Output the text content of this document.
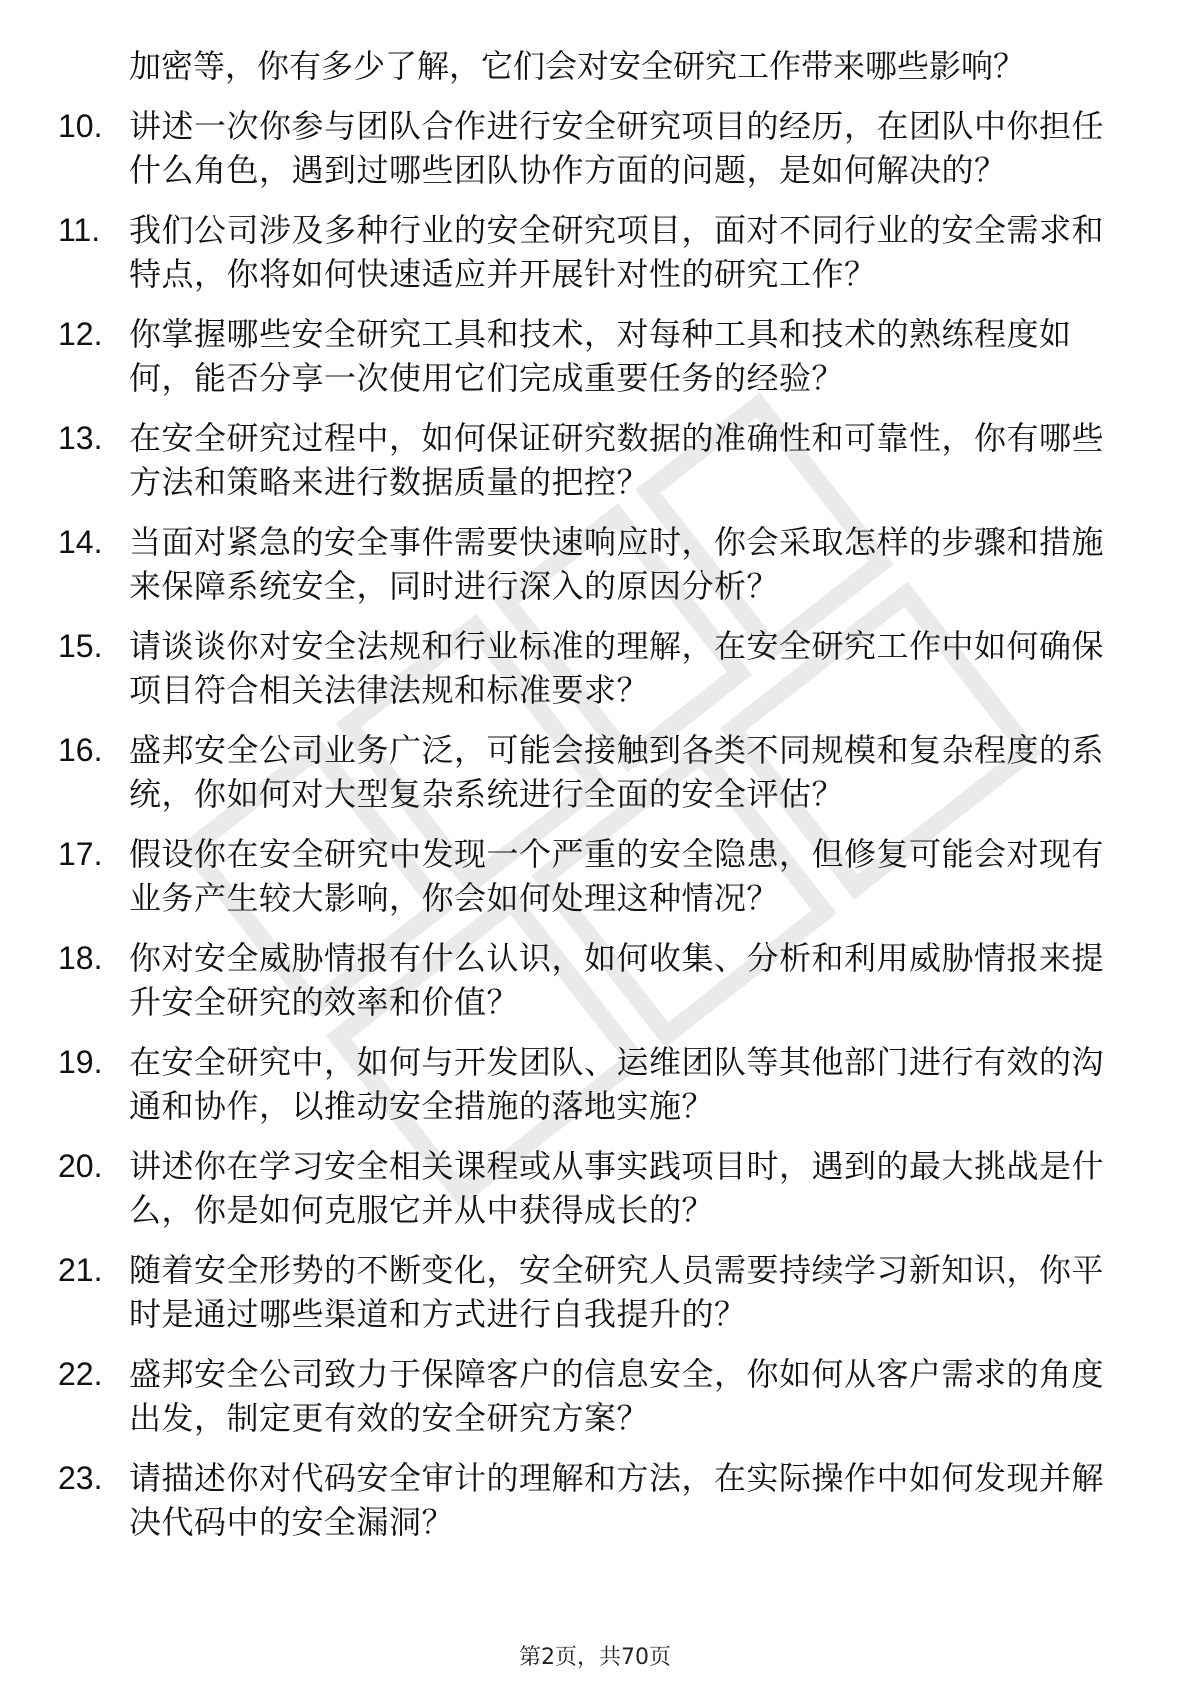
加密等，你有多少了解，它们会对安全研究工作带来哪些影响？
10. 讲述一次你参与团队合作进行安全研究项目的经历，在团队中你担任什么角色，遇到过哪些团队协作方面的问题，是如何解决的？
11. 我们公司涉及多种行业的安全研究项目，面对不同行业的安全需求和特点，你将如何快速适应并开展针对性的研究工作？
12. 你掌握哪些安全研究工具和技术，对每种工具和技术的熟练程度如何，能否分享一次使用它们完成重要任务的经验？
13. 在安全研究过程中，如何保证研究数据的准确性和可靠性，你有哪些方法和策略来进行数据质量的把控？
14. 当面对紧急的安全事件需要快速响应时，你会采取怎样的步骤和措施来保障系统安全，同时进行深入的原因分析？
15. 请谈谈你对安全法规和行业标准的理解，在安全研究工作中如何确保项目符合相关法律法规和标准要求？
16. 盛邦安全公司业务广泛，可能会接触到各类不同规模和复杂程度的系统，你如何对大型复杂系统进行全面的安全评估？
17. 假设你在安全研究中发现一个严重的安全隐患，但修复可能会对现有业务产生较大影响，你会如何处理这种情况？
18. 你对安全威胁情报有什么认识，如何收集、分析和利用威胁情报来提升安全研究的效率和价值？
19. 在安全研究中，如何与开发团队、运维团队等其他部门进行有效的沟通和协作，以推动安全措施的落地实施？
20. 讲述你在学习安全相关课程或从事实践项目时，遇到的最大挑战是什么，你是如何克服它并从中获得成长的？
21. 随着安全形势的不断变化，安全研究人员需要持续学习新知识，你平时是通过哪些渠道和方式进行自我提升的？
22. 盛邦安全公司致力于保障客户的信息安全，你如何从客户需求的角度出发，制定更有效的安全研究方案？
23. 请描述你对代码安全审计的理解和方法，在实际操作中如何发现并解决代码中的安全漏洞？
第2页，共70页
